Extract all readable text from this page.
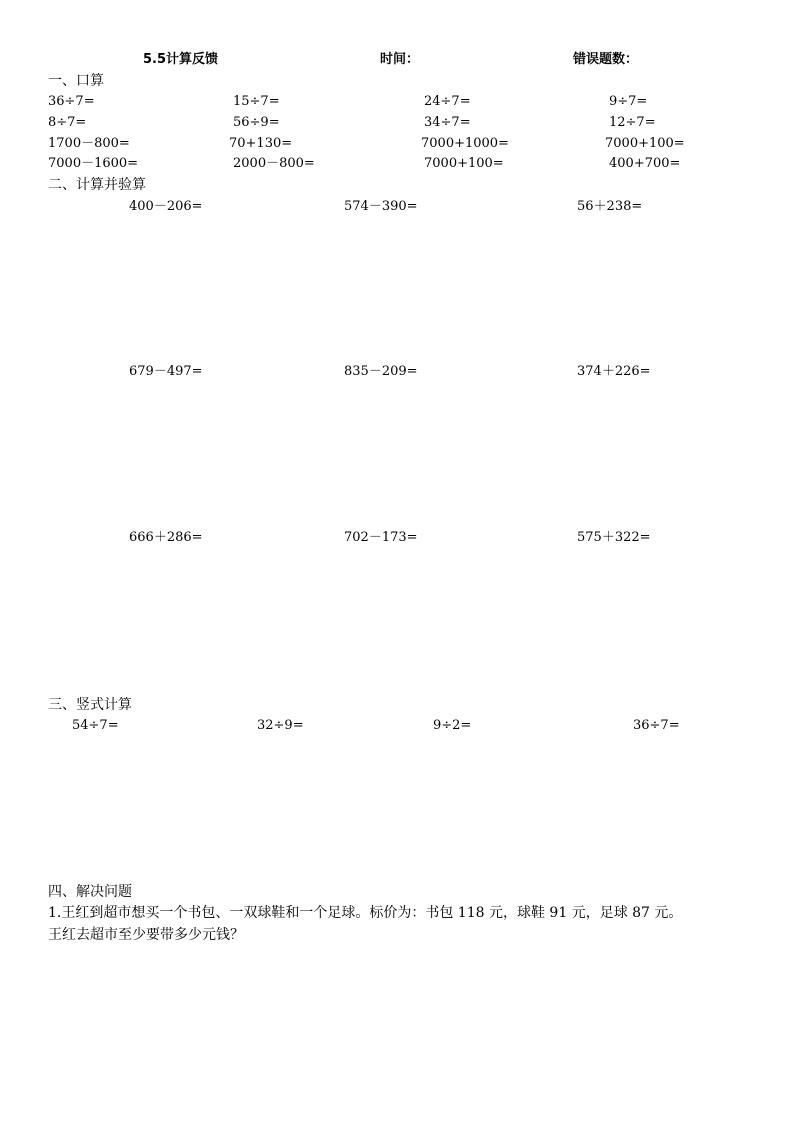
5.5计算反馈	时间：	错误题数：
一、口算
36÷7=	15÷7=	24÷7=	9÷7=
8÷7=	56÷9=	34÷7=	12÷7=
1700－800=	70+130=	7000+1000=	7000+100=
7000－1600=	2000－800=	7000+100=	400+700=
二、计算并验算
400－206=	574－390=	56＋238=
679－497=	835－209=	374＋226=
666＋286=	702－173=	575＋322=
三、竖式计算
54÷7=	32÷9=	9÷2=	36÷7=
四、解决问题
1.王红到超市想买一个书包、一双球鞋和一个足球。标价为：书包 118 元，球鞋 91 元，足球 87 元。
王红去超市至少要带多少元钱？
